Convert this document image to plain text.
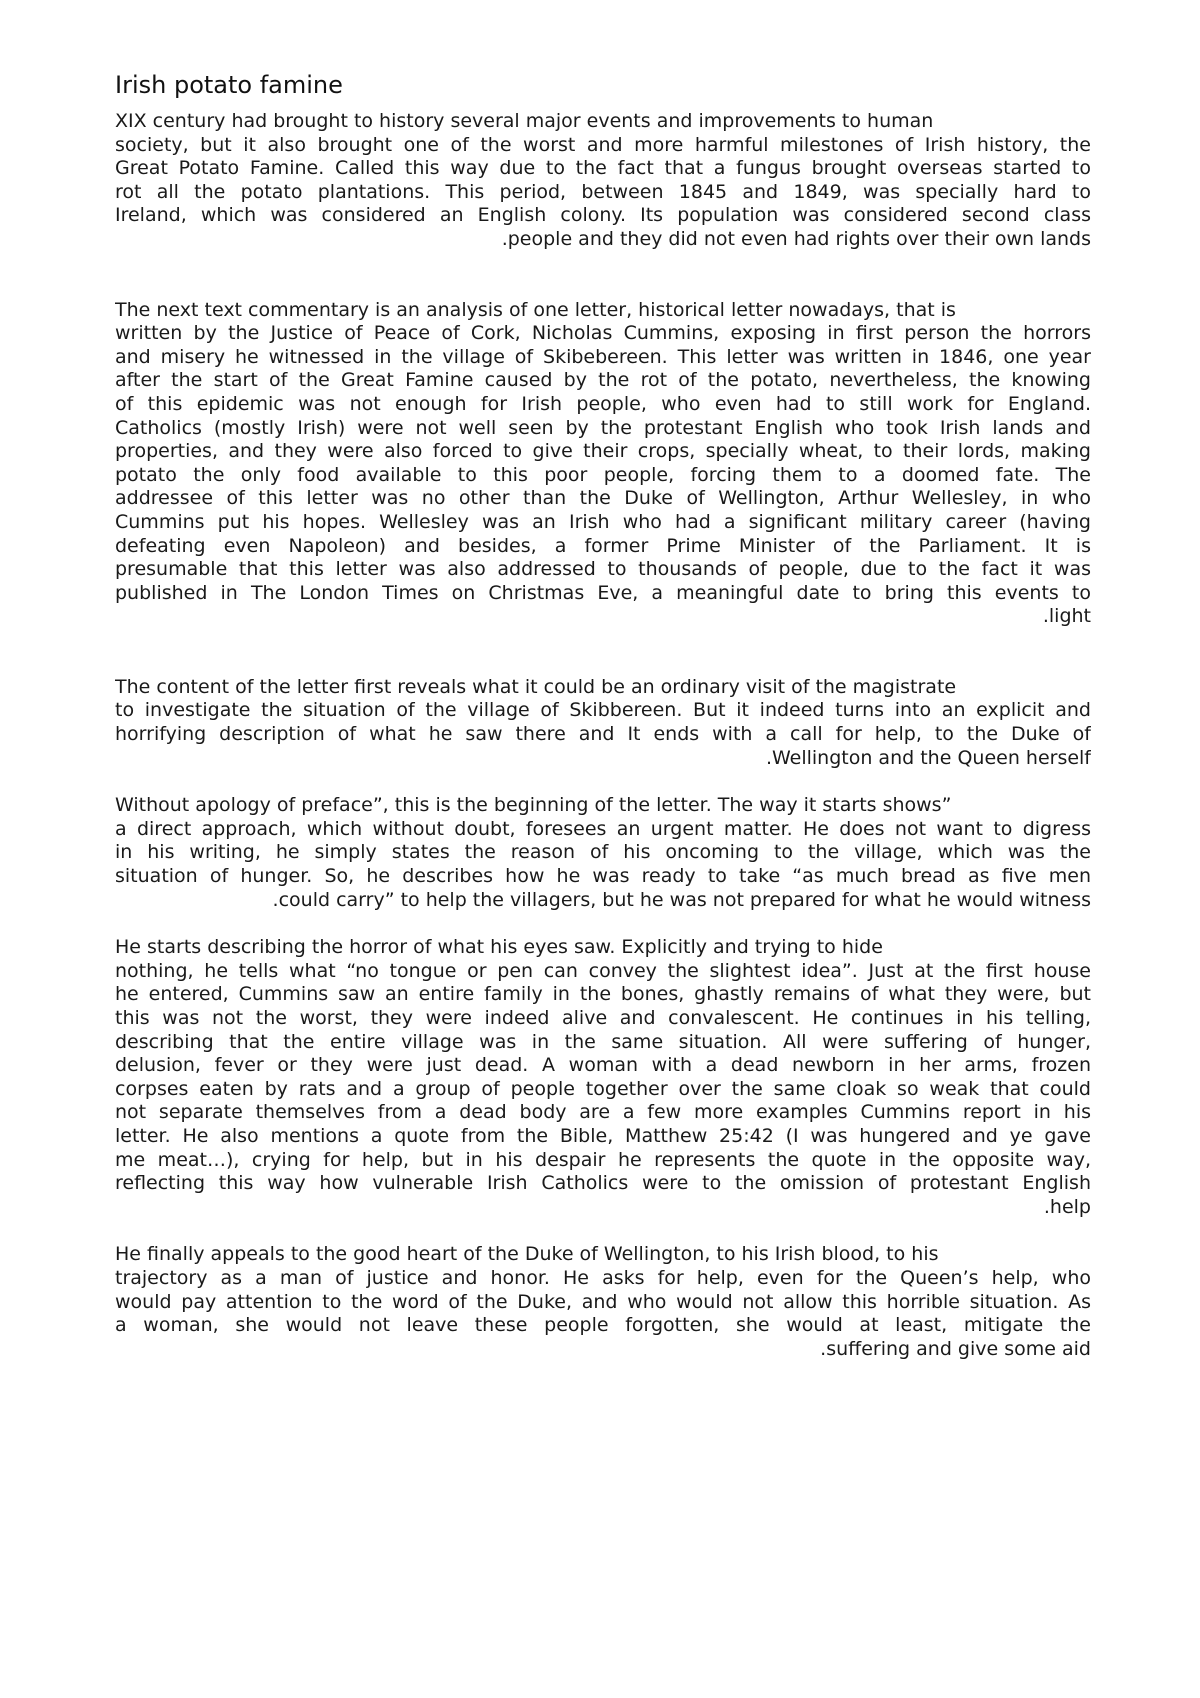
Irish potato famine
XIX century had brought to history several major events and improvements to human
society, but it also brought one of the worst and more harmful milestones of Irish history, the
Great Potato Famine. Called this way due to the fact that a fungus brought overseas started to
rot all the potato plantations. This period, between 1845 and 1849, was specially hard to
Ireland, which was considered an English colony. Its population was considered second class
.people and they did not even had rights over their own lands
The next text commentary is an analysis of one letter, historical letter nowadays, that is
written by the Justice of Peace of Cork, Nicholas Cummins, exposing in first person the horrors
and misery he witnessed in the village of Skibebereen. This letter was written in 1846, one year
after the start of the Great Famine caused by the rot of the potato, nevertheless, the knowing
of this epidemic was not enough for Irish people, who even had to still work for England.
Catholics (mostly Irish) were not well seen by the protestant English who took Irish lands and
properties, and they were also forced to give their crops, specially wheat, to their lords, making
potato the only food available to this poor people, forcing them to a doomed fate. The
addressee of this letter was no other than the Duke of Wellington, Arthur Wellesley, in who
Cummins put his hopes. Wellesley was an Irish who had a significant military career (having
defeating even Napoleon) and besides, a former Prime Minister of the Parliament. It is
presumable that this letter was also addressed to thousands of people, due to the fact it was
published in The London Times on Christmas Eve, a meaningful date to bring this events to
.light
The content of the letter first reveals what it could be an ordinary visit of the magistrate
to investigate the situation of the village of Skibbereen. But it indeed turns into an explicit and
horrifying description of what he saw there and It ends with a call for help, to the Duke of
.Wellington and the Queen herself
Without apology of preface”, this is the beginning of the letter. The way it starts shows”
a direct approach, which without doubt, foresees an urgent matter. He does not want to digress
in his writing, he simply states the reason of his oncoming to the village, which was the
situation of hunger. So, he describes how he was ready to take “as much bread as five men
.could carry” to help the villagers, but he was not prepared for what he would witness
He starts describing the horror of what his eyes saw. Explicitly and trying to hide
nothing, he tells what “no tongue or pen can convey the slightest idea”. Just at the first house
he entered, Cummins saw an entire family in the bones, ghastly remains of what they were, but
this was not the worst, they were indeed alive and convalescent. He continues in his telling,
describing that the entire village was in the same situation. All were suffering of hunger,
delusion, fever or they were just dead. A woman with a dead newborn in her arms, frozen
corpses eaten by rats and a group of people together over the same cloak so weak that could
not separate themselves from a dead body are a few more examples Cummins report in his
letter. He also mentions a quote from the Bible, Matthew 25:42 (I was hungered and ye gave
me meat…), crying for help, but in his despair he represents the quote in the opposite way,
reflecting this way how vulnerable Irish Catholics were to the omission of protestant English
.help
He finally appeals to the good heart of the Duke of Wellington, to his Irish blood, to his
trajectory as a man of justice and honor. He asks for help, even for the Queen’s help, who
would pay attention to the word of the Duke, and who would not allow this horrible situation. As
a woman, she would not leave these people forgotten, she would at least, mitigate the
.suffering and give some aid
